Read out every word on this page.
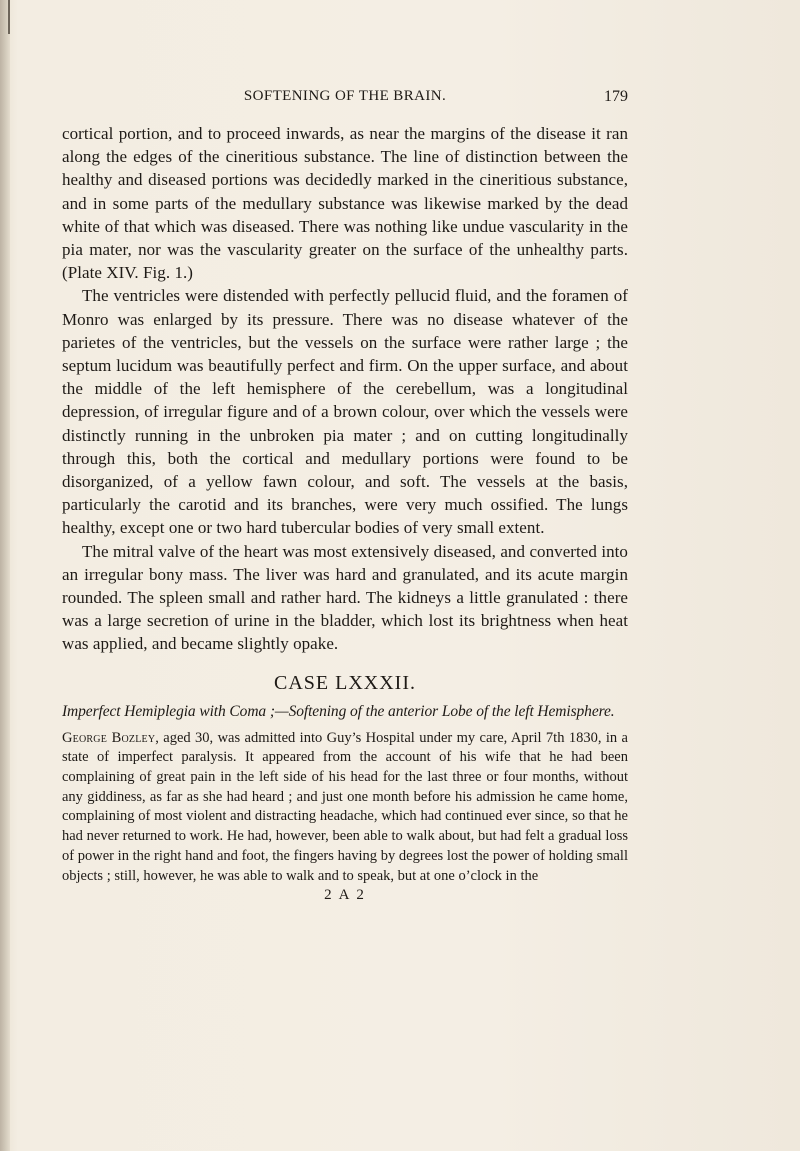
SOFTENING OF THE BRAIN.	179

cortical portion, and to proceed inwards, as near the margins of the disease it ran along the edges of the cineritious substance. The line of distinction between the healthy and diseased portions was decidedly marked in the cineritious substance, and in some parts of the medullary substance was likewise marked by the dead white of that which was diseased. There was nothing like undue vascularity in the pia mater, nor was the vascularity greater on the surface of the unhealthy parts. (Plate XIV. Fig. 1.)

The ventricles were distended with perfectly pellucid fluid, and the foramen of Monro was enlarged by its pressure. There was no disease whatever of the parietes of the ventricles, but the vessels on the surface were rather large ; the septum lucidum was beautifully perfect and firm. On the upper surface, and about the middle of the left hemisphere of the cerebellum, was a longitudinal depression, of irregular figure and of a brown colour, over which the vessels were distinctly running in the unbroken pia mater ; and on cutting longitudinally through this, both the cortical and medullary portions were found to be disorganized, of a yellow fawn colour, and soft. The vessels at the basis, particularly the carotid and its branches, were very much ossified. The lungs healthy, except one or two hard tubercular bodies of very small extent.

The mitral valve of the heart was most extensively diseased, and converted into an irregular bony mass. The liver was hard and granulated, and its acute margin rounded. The spleen small and rather hard. The kidneys a little granulated : there was a large secretion of urine in the bladder, which lost its brightness when heat was applied, and became slightly opake.

CASE LXXXII.

Imperfect Hemiplegia with Coma ;—Softening of the anterior Lobe of the left Hemisphere.

George Bozley, aged 30, was admitted into Guy’s Hospital under my care, April 7th 1830, in a state of imperfect paralysis. It appeared from the account of his wife that he had been complaining of great pain in the left side of his head for the last three or four months, without any giddiness, as far as she had heard ; and just one month before his admission he came home, complaining of most violent and distracting headache, which had continued ever since, so that he had never returned to work. He had, however, been able to walk about, but had felt a gradual loss of power in the right hand and foot, the fingers having by degrees lost the power of holding small objects ; still, however, he was able to walk and to speak, but at one o’clock in the

2 A 2
